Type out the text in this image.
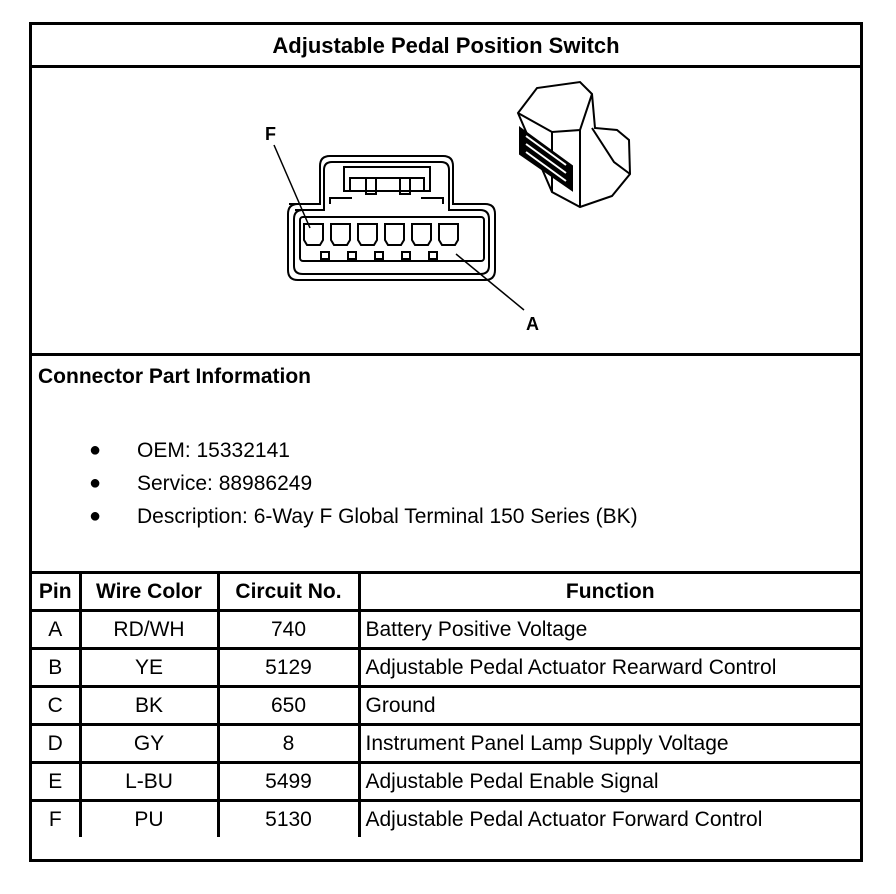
Adjustable Pedal Position Switch
F
A
Connector Part Information
● OEM: 15332141
● Service: 88986249
● Description: 6-Way F Global Terminal 150 Series (BK)
Pin	Wire Color	Circuit No.	Function
A	RD/WH	740	Battery Positive Voltage
B	YE	5129	Adjustable Pedal Actuator Rearward Control
C	BK	650	Ground
D	GY	8	Instrument Panel Lamp Supply Voltage
E	L-BU	5499	Adjustable Pedal Enable Signal
F	PU	5130	Adjustable Pedal Actuator Forward Control
